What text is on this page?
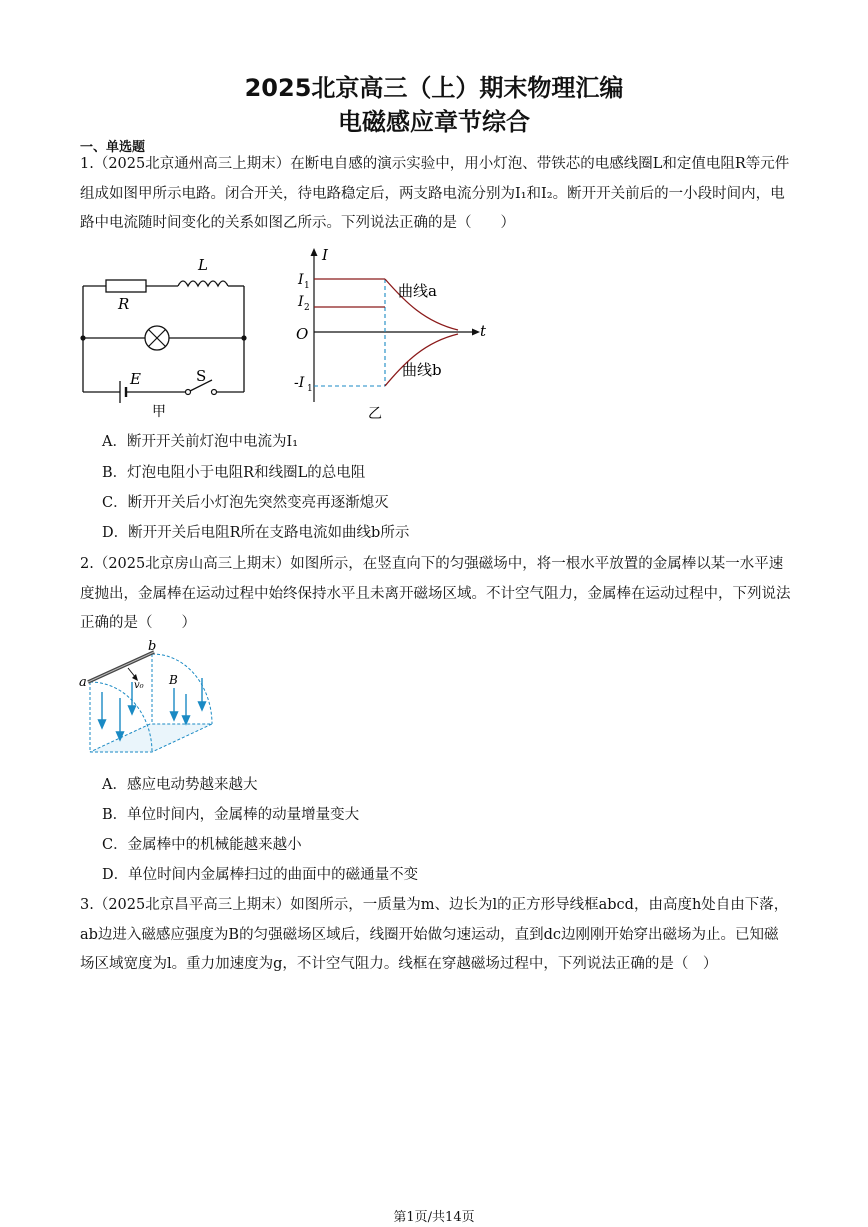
2025北京高三（上）期末物理汇编
电磁感应章节综合
一、单选题
1.（2025北京通州高三上期末）在断电自感的演示实验中，用小灯泡、带铁芯的电感线圈L和定值电阻R等元件组成如图甲所示电路。闭合开关，待电路稳定后，两支路电流分别为I₁和I₂。断开开关前后的一小段时间内，电路中电流随时间变化的关系如图乙所示。下列说法正确的是（　　）
L
R
E	S
甲
I
t
O
I 1
I 2
-I 1
曲线a
曲线b
乙
A．断开开关前灯泡中电流为I₁
B．灯泡电阻小于电阻R和线圈L的总电阻
C．断开开关后小灯泡先突然变亮再逐渐熄灭
D．断开开关后电阻R所在支路电流如曲线b所示
2.（2025北京房山高三上期末）如图所示，在竖直向下的匀强磁场中，将一根水平放置的金属棒以某一水平速度抛出，金属棒在运动过程中始终保持水平且未离开磁场区域。不计空气阻力，金属棒在运动过程中，下列说法正确的是（　　）
a
b
v₀ B
A．感应电动势越来越大
B．单位时间内，金属棒的动量增量变大
C．金属棒中的机械能越来越小
D．单位时间内金属棒扫过的曲面中的磁通量不变
3.（2025北京昌平高三上期末）如图所示，一质量为m、边长为l的正方形导线框abcd，由高度h处自由下落，ab边进入磁感应强度为B的匀强磁场区域后，线圈开始做匀速运动，直到dc边刚刚开始穿出磁场为止。已知磁场区域宽度为l。重力加速度为g，不计空气阻力。线框在穿越磁场过程中，下列说法正确的是（　）
第1页/共14页
